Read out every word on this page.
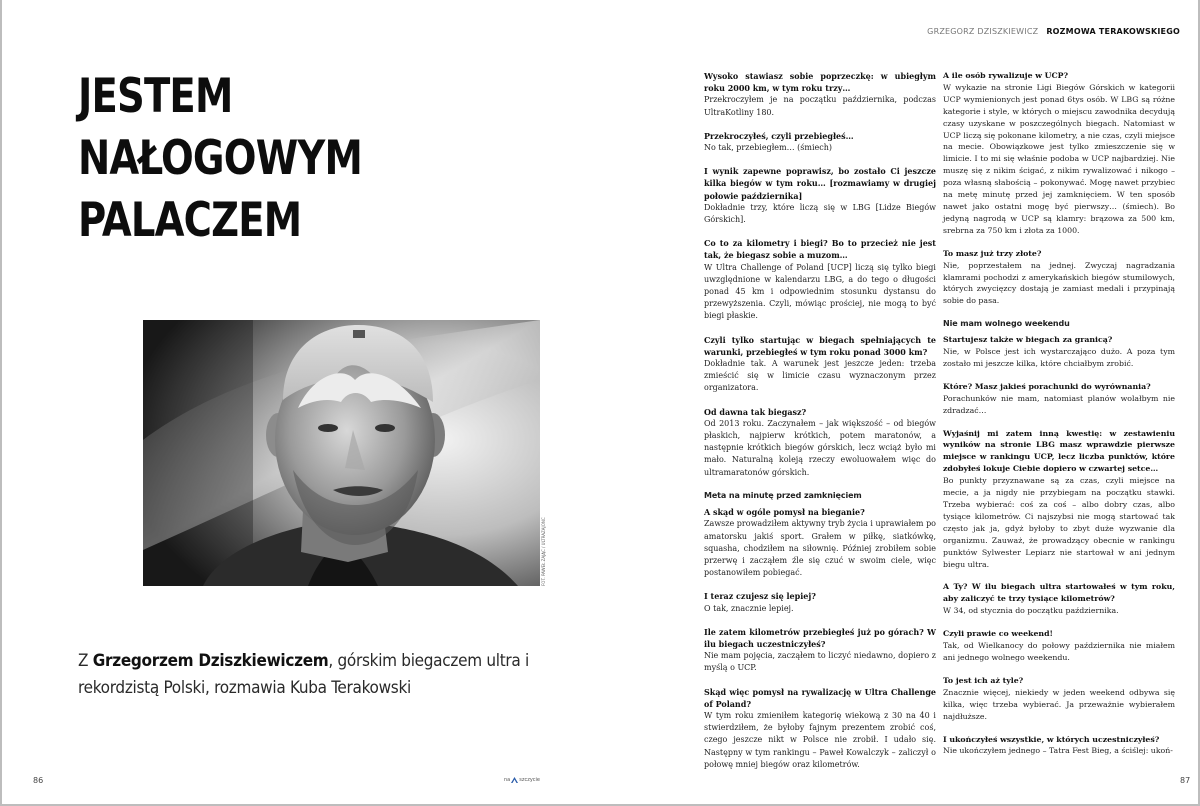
JESTEM
NAŁOGOWYM
PALACZEM
FOT. PAWEŁ ZAJĄC / ULTRAZAJONC
Z Grzegorzem Dziszkiewiczem, górskim biegaczem ultra i rekordzistą Polski, rozmawia Kuba Terakowski
86	na szczycie
GRZEGORZ DZISZKIEWICZ ROZMOWA TERAKOWSKIEGO
Wysoko stawiasz sobie poprzeczkę: w ubiegłym roku 2000 km, w tym roku trzy…
Przekroczyłem je na początku października, podczas UltraKotliny 180.
Przekroczyłeś, czyli przebiegłeś…
No tak, przebiegłem… (śmiech)
I wynik zapewne poprawisz, bo zostało Ci jeszcze kilka biegów w tym roku… [rozmawiamy w drugiej połowie października]
Dokładnie trzy, które liczą się w LBG [Lidze Biegów Górskich].
Co to za kilometry i biegi? Bo to przecież nie jest tak, że biegasz sobie a muzom…
W Ultra Challenge of Poland [UCP] liczą się tylko biegi uwzględnione w kalendarzu LBG, a do tego o długości ponad 45 km i odpowiednim stosunku dystansu do przewyższenia. Czyli, mówiąc prościej, nie mogą to być biegi płaskie.
Czyli tylko startując w biegach spełniających te warunki, przebiegłeś w tym roku ponad 3000 km?
Dokładnie tak. A warunek jest jeszcze jeden: trzeba zmieścić się w limicie czasu wyznaczonym przez organizatora.
Od dawna tak biegasz?
Od 2013 roku. Zaczynałem – jak większość – od biegów płaskich, najpierw krótkich, potem maratonów, a następnie krótkich biegów górskich, lecz wciąż było mi mało. Naturalną koleją rzeczy ewoluowałem więc do ultramaratonów górskich.
Meta na minutę przed zamknięciem
A skąd w ogóle pomysł na bieganie?
Zawsze prowadziłem aktywny tryb życia i uprawiałem po amatorsku jakiś sport. Grałem w piłkę, siatkówkę, squasha, chodziłem na siłownię. Później zrobiłem sobie przerwę i zacząłem źle się czuć w swoim ciele, więc postanowiłem pobiegać.
I teraz czujesz się lepiej?
O tak, znacznie lepiej.
Ile zatem kilometrów przebiegłeś już po górach? W ilu biegach uczestniczyłeś?
Nie mam pojęcia, zacząłem to liczyć niedawno, dopiero z myślą o UCP.
Skąd więc pomysł na rywalizację w Ultra Challenge of Poland?
W tym roku zmieniłem kategorię wiekową z 30 na 40 i stwierdziłem, że byłoby fajnym prezentem zrobić coś, czego jeszcze nikt w Polsce nie zrobił. I udało się. Następny w tym rankingu – Paweł Kowalczyk – zaliczył o połowę mniej biegów oraz kilometrów.
A ile osób rywalizuje w UCP?
W wykazie na stronie Ligi Biegów Górskich w kategorii UCP wymienionych jest ponad 6tys osób. W LBG są różne kategorie i style, w których o miejscu zawodnika decydują czasy uzyskane w poszczególnych biegach. Natomiast w UCP liczą się pokonane kilometry, a nie czas, czyli miejsce na mecie. Obowiązkowe jest tylko zmieszczenie się w limicie. I to mi się właśnie podoba w UCP najbardziej. Nie muszę się z nikim ścigać, z nikim rywalizować i nikogo – poza własną słabością – pokonywać. Mogę nawet przybiec na metę minutę przed jej zamknięciem. W ten sposób nawet jako ostatni mogę być pierwszy… (śmiech). Bo jedyną nagrodą w UCP są klamry: brązowa za 500 km, srebrna za 750 km i złota za 1000.
To masz już trzy złote?
Nie, poprzestałem na jednej. Zwyczaj nagradzania klamrami pochodzi z amerykańskich biegów stumilowych, których zwycięzcy dostają je zamiast medali i przypinają sobie do pasa.
Nie mam wolnego weekendu
Startujesz także w biegach za granicą?
Nie, w Polsce jest ich wystarczająco dużo. A poza tym zostało mi jeszcze kilka, które chciałbym zrobić.
Które? Masz jakieś porachunki do wyrównania?
Porachunków nie mam, natomiast planów wolałbym nie zdradzać…
Wyjaśnij mi zatem inną kwestię: w zestawieniu wyników na stronie LBG masz wprawdzie pierwsze miejsce w rankingu UCP, lecz liczba punktów, które zdobyłeś lokuje Ciebie dopiero w czwartej setce…
Bo punkty przyznawane są za czas, czyli miejsce na mecie, a ja nigdy nie przybiegam na początku stawki. Trzeba wybierać: coś za coś – albo dobry czas, albo tysiące kilometrów. Ci najszybsi nie mogą startować tak często jak ja, gdyż byłoby to zbyt duże wyzwanie dla organizmu. Zauważ, że prowadzący obecnie w rankingu punktów Sylwester Lepiarz nie startował w ani jednym biegu ultra.
A Ty? W ilu biegach ultra startowałeś w tym roku, aby zaliczyć te trzy tysiące kilometrów?
W 34, od stycznia do początku października.
Czyli prawie co weekend!
Tak, od Wielkanocy do połowy października nie miałem ani jednego wolnego weekendu.
To jest ich aż tyle?
Znacznie więcej, niekiedy w jeden weekend odbywa się kilka, więc trzeba wybierać. Ja przeważnie wybierałem najdłuższe.
I ukończyłeś wszystkie, w których uczestniczyłeś?
Nie ukończyłem jednego – Tatra Fest Bieg, a ściślej: ukoń-
87
